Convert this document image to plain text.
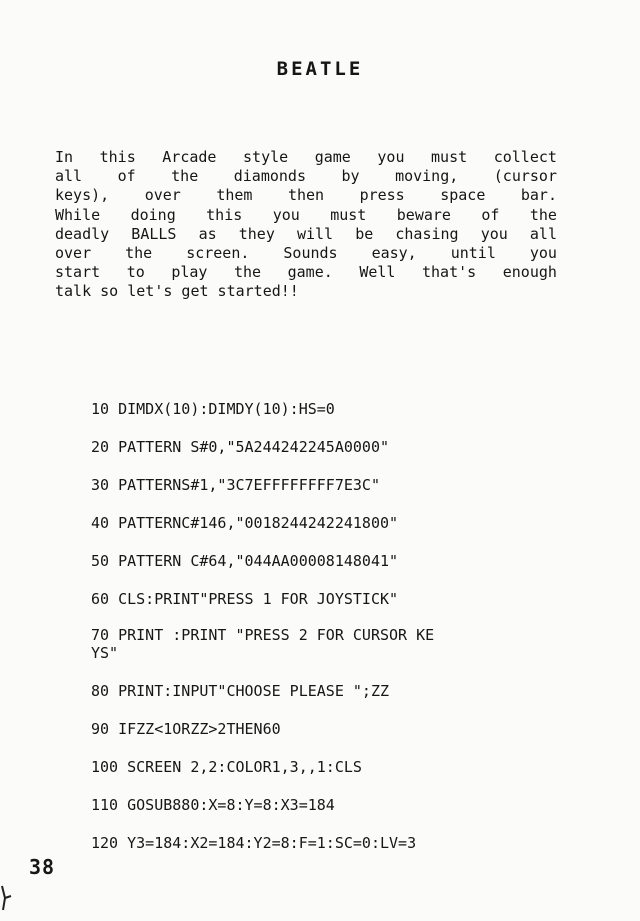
BEATLE
In this Arcade style game you must collect
all of the diamonds by moving, (cursor
keys), over them then press space bar.
While doing this you must beware of the
deadly BALLS as they will be chasing you all
over the screen. Sounds easy, until you
start to play the game. Well that's enough
talk so let's get started!!
10 DIMDX(10):DIMDY(10):HS=0
20 PATTERN S#0,"5A244242245A0000"
30 PATTERNS#1,"3C7EFFFFFFFF7E3C"
40 PATTERNC#146,"0018244242241800"
50 PATTERN C#64,"044AA00008148041"
60 CLS:PRINT"PRESS 1 FOR JOYSTICK"
70 PRINT :PRINT "PRESS 2 FOR CURSOR KE
YS"
80 PRINT:INPUT"CHOOSE PLEASE ";ZZ
90 IFZZ<1ORZZ>2THEN60
100 SCREEN 2,2:COLOR1,3,,1:CLS
110 GOSUB880:X=8:Y=8:X3=184
120 Y3=184:X2=184:Y2=8:F=1:SC=0:LV=3
38
